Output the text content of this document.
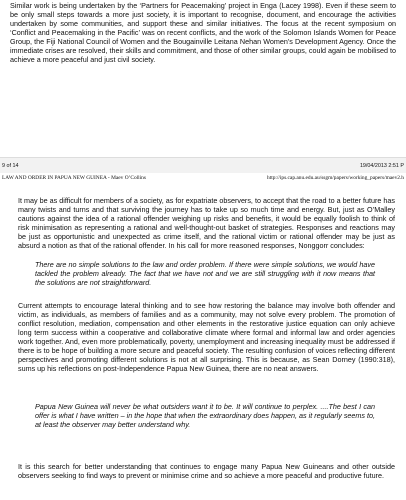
Similar work is being undertaken by the ‘Partners for Peacemaking’ project in Enga (Lacey 1998). Even if these seem to be only small steps towards a more just society, it is important to recognise, document, and encourage the activities undertaken by some communities, and support these and similar initiatives. The focus at the recent symposium on ‘Conflict and Peacemaking in the Pacific’ was on recent conflicts, and the work of the Solomon Islands Women for Peace Group, the Fiji National Council of Women and the Bougainville Leitana Nehan Women’s Development Agency. Once the immediate crises are resolved, their skills and commitment, and those of other similar groups, could again be mobilised to achieve a more peaceful and just civil society.

9 of 14	19/04/2013 2:51 P
LAW AND ORDER IN PAPUA NEW GUINEA - Maev O’Collins	http://ips.cap.anu.edu.au/ssgm/papers/working_papers/maev2.h

It may be as difficult for members of a society, as for expatriate observers, to accept that the road to a better future has many twists and turns and that surviving the journey has to take up so much time and energy. But, just as O’Malley cautions against the idea of a rational offender weighing up risks and benefits, it would be equally foolish to think of risk minimisation as representing a rational and well-thought-out basket of strategies. Responses and reactions may be just as opportunistic and unexpected as crime itself, and the rational victim or rational offender may be just as absurd a notion as that of the rational offender. In his call for more reasoned responses, Nonggorr concludes:

There are no simple solutions to the law and order problem. If there were simple solutions, we would have tackled the problem already. The fact that we have not and we are still struggling with it now means that the solutions are not straightforward.

Current attempts to encourage lateral thinking and to see how restoring the balance may involve both offender and victim, as individuals, as members of families and as a community, may not solve every problem. The promotion of conflict resolution, mediation, compensation and other elements in the restorative justice equation can only achieve long term success within a cooperative and collaborative climate where formal and informal law and order agencies work together. And, even more problematically, poverty, unemployment and increasing inequality must be addressed if there is to be hope of building a more secure and peaceful society. The resulting confusion of voices reflecting different perspectives and promoting different solutions is not at all surprising. This is because, as Sean Dorney (1990:318), sums up his reflections on post-Independence Papua New Guinea, there are no neat answers.

Papua New Guinea will never be what outsiders want it to be. It will continue to perplex. ....The best I can offer is what I have written – in the hope that when the extraordinary does happen, as it regularly seems to, at least the observer may better understand why.

It is this search for better understanding that continues to engage many Papua New Guineans and other outside observers seeking to find ways to prevent or minimise crime and so achieve a more peaceful and productive future.
